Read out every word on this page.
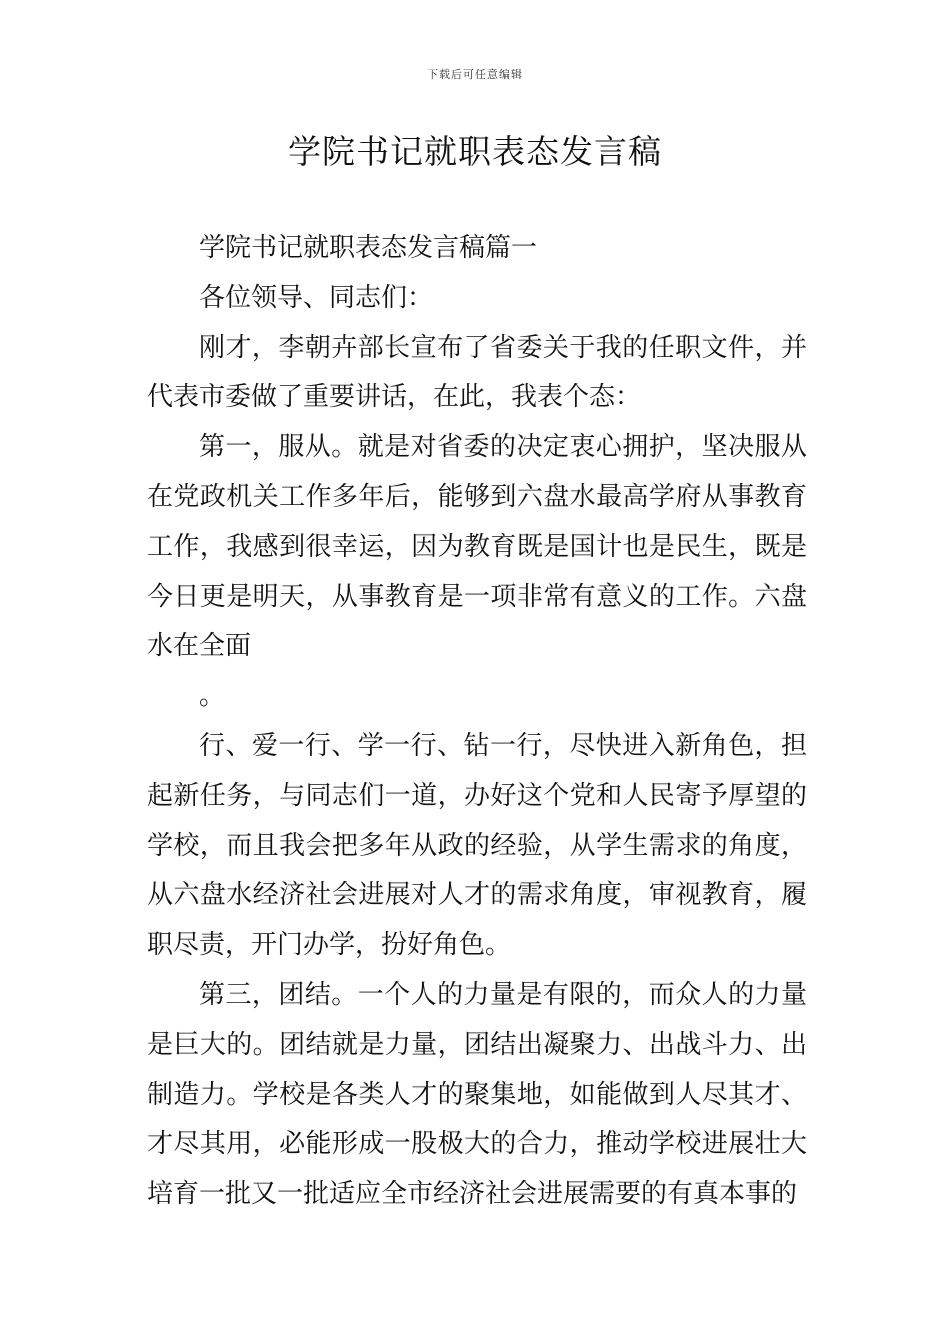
下载后可任意编辑
学院书记就职表态发言稿

学院书记就职表态发言稿篇一

各位领导、同志们：

刚才，李朝卉部长宣布了省委关于我的任职文件，并代表市委做了重要讲话，在此，我表个态：

第一，服从。就是对省委的决定衷心拥护，坚决服从在党政机关工作多年后，能够到六盘水最高学府从事教育工作，我感到很幸运，因为教育既是国计也是民生，既是今日更是明天，从事教育是一项非常有意义的工作。六盘水在全面

。

行、爱一行、学一行、钻一行，尽快进入新角色，担起新任务，与同志们一道，办好这个党和人民寄予厚望的学校，而且我会把多年从政的经验，从学生需求的角度，从六盘水经济社会进展对人才的需求角度，审视教育，履职尽责，开门办学，扮好角色。

第三，团结。一个人的力量是有限的，而众人的力量是巨大的。团结就是力量，团结出凝聚力、出战斗力、出制造力。学校是各类人才的聚集地，如能做到人尽其才、才尽其用，必能形成一股极大的合力，推动学校进展壮大培育一批又一批适应全市经济社会进展需要的有真本事的
